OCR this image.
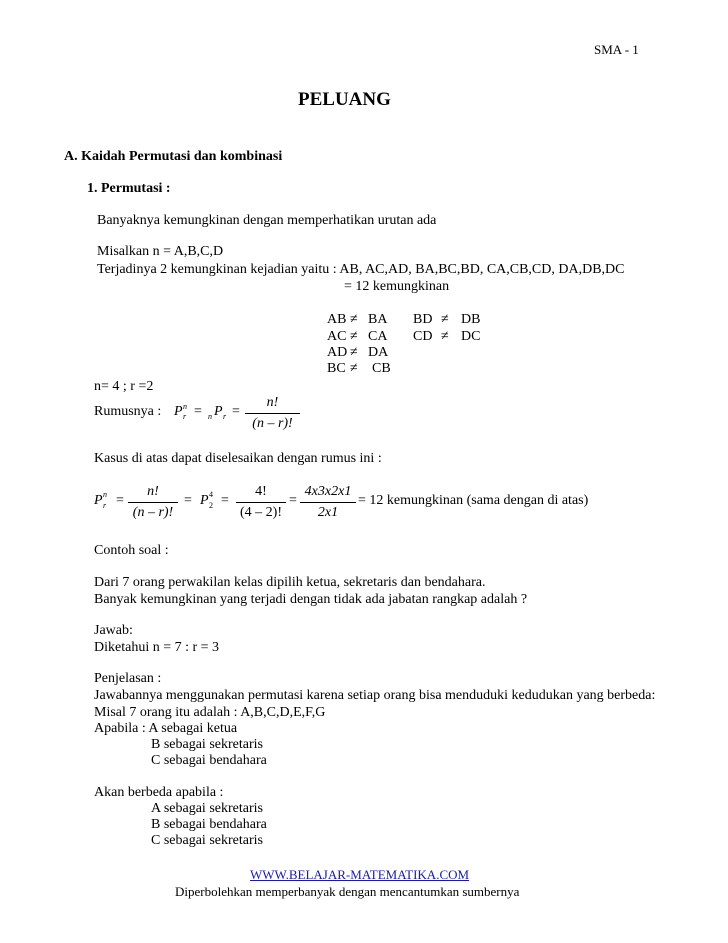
SMA - 1
PELUANG
A. Kaidah Permutasi dan kombinasi
1. Permutasi :
Banyaknya kemungkinan dengan memperhatikan urutan ada
Misalkan n = A,B,C,D
Terjadinya 2 kemungkinan kejadian yaitu : AB, AC,AD, BA,BC,BD, CA,CB,CD, DA,DB,DC
= 12 kemungkinan
AB ≠ BA
AC ≠ CA
AD ≠ DA
BC ≠ CB
BD ≠ DB
CD ≠ DC
n= 4 ; r =2
Rumusnya : P n
r = n P r =
n!
(n – r)!
Kasus di atas dapat diselesaikan dengan rumus ini :
P n
r =
n!
(n – r)!
= P 4
2 =
4!
(4 – 2)!
=
4x3x2x1
2x1
= 12 kemungkinan (sama dengan di atas)
Contoh soal :
Dari 7 orang perwakilan kelas dipilih ketua, sekretaris dan bendahara.
Banyak kemungkinan yang terjadi dengan tidak ada jabatan rangkap adalah ?
Jawab:
Diketahui n = 7 : r = 3
Penjelasan :
Jawabannya menggunakan permutasi karena setiap orang bisa menduduki kedudukan yang berbeda:
Misal 7 orang itu adalah : A,B,C,D,E,F,G
Apabila : A sebagai ketua
B sebagai sekretaris
C sebagai bendahara
Akan berbeda apabila :
A sebagai sekretaris
B sebagai bendahara
C sebagai sekretaris
WWW.BELAJAR-MATEMATIKA.COM
Diperbolehkan memperbanyak dengan mencantumkan sumbernya
